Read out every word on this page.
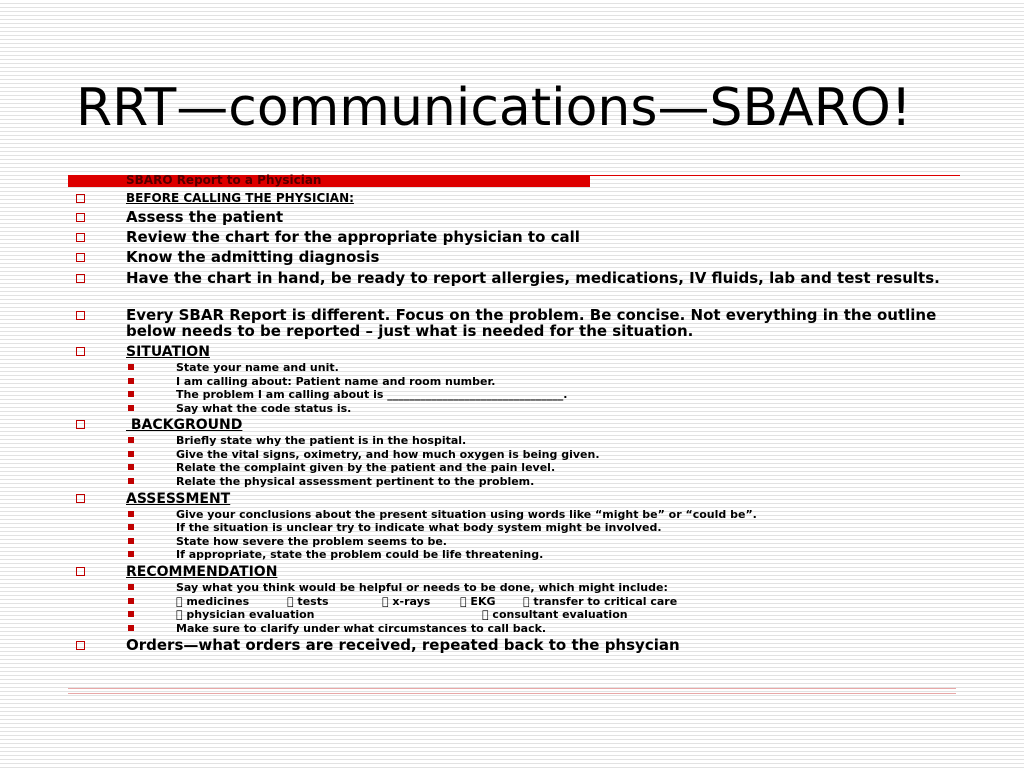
RRT—communications—SBARO!
SBARO Report to a Physician
BEFORE CALLING THE PHYSICIAN:
Assess the patient
Review the chart for the appropriate physician to call
Know the admitting diagnosis
Have the chart in hand, be ready to report allergies, medications, IV fluids, lab and test results.
Every SBAR Report is different. Focus on the problem. Be concise. Not everything in the outline below needs to be reported – just what is needed for the situation.
SITUATION
State your name and unit.
I am calling about: Patient name and room number.
The problem I am calling about is ________________________________.
Say what the code status is.
BACKGROUND
Briefly state why the patient is in the hospital.
Give the vital signs, oximetry, and how much oxygen is being given.
Relate the complaint given by the patient and the pain level.
Relate the physical assessment pertinent to the problem.
ASSESSMENT
Give your conclusions about the present situation using words like “might be” or “could be”.
If the situation is unclear try to indicate what body system might be involved.
State how severe the problem seems to be.
If appropriate, state the problem could be life threatening.
RECOMMENDATION
Say what you think would be helpful or needs to be done, which might include:
medicines	tests	x-rays	EKG	transfer to critical care
physician evaluation	consultant evaluation
Make sure to clarify under what circumstances to call back.
Orders—what orders are received, repeated back to the phsycian
